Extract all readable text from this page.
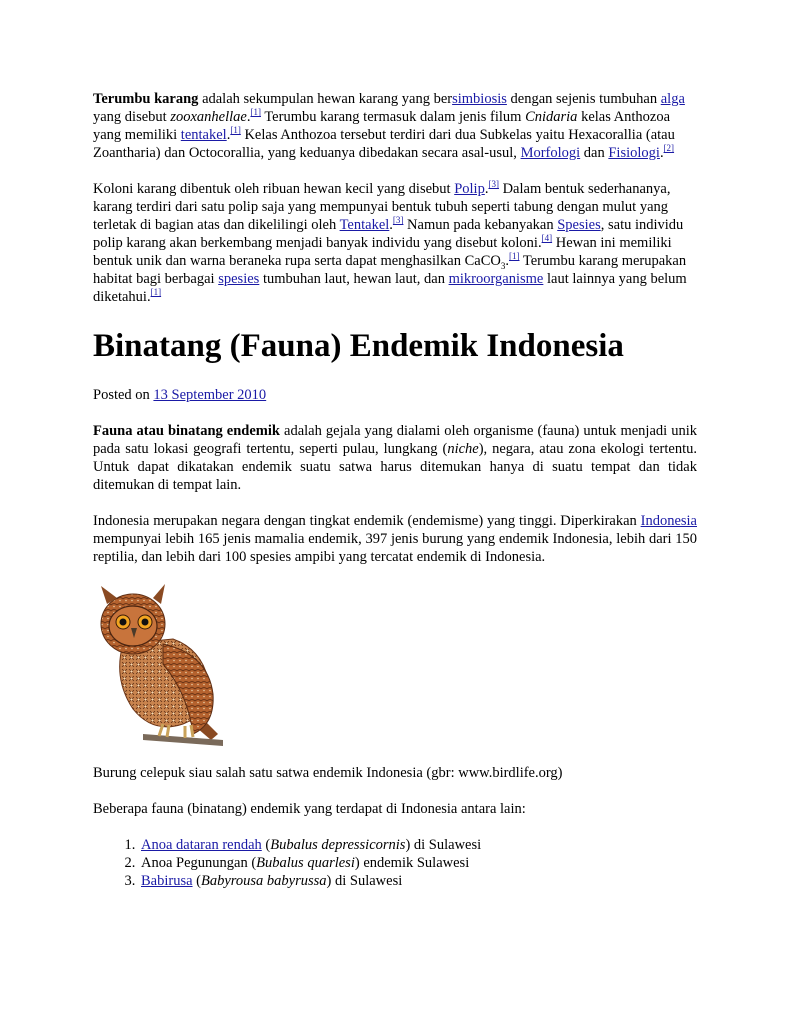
Terumbu karang adalah sekumpulan hewan karang yang bersimbiosis dengan sejenis tumbuhan alga yang disebut zooxanhellae.[1] Terumbu karang termasuk dalam jenis filum Cnidaria kelas Anthozoa yang memiliki tentakel.[1] Kelas Anthozoa tersebut terdiri dari dua Subkelas yaitu Hexacorallia (atau Zoantharia) dan Octocorallia, yang keduanya dibedakan secara asal-usul, Morfologi dan Fisiologi.[2]

Koloni karang dibentuk oleh ribuan hewan kecil yang disebut Polip.[3] Dalam bentuk sederhananya, karang terdiri dari satu polip saja yang mempunyai bentuk tubuh seperti tabung dengan mulut yang terletak di bagian atas dan dikelilingi oleh Tentakel.[3] Namun pada kebanyakan Spesies, satu individu polip karang akan berkembang menjadi banyak individu yang disebut koloni.[4] Hewan ini memiliki bentuk unik dan warna beraneka rupa serta dapat menghasilkan CaCO$_3$.[1] Terumbu karang merupakan habitat bagi berbagai spesies tumbuhan laut, hewan laut, dan mikroorganisme laut lainnya yang belum diketahui.[1]

Binatang (Fauna) Endemik Indonesia

Posted on 13 September 2010

Fauna atau binatang endemik adalah gejala yang dialami oleh organisme (fauna) untuk menjadi unik pada satu lokasi geografi tertentu, seperti pulau, lungkang (niche), negara, atau zona ekologi tertentu. Untuk dapat dikatakan endemik suatu satwa harus ditemukan hanya di suatu tempat dan tidak ditemukan di tempat lain.

Indonesia merupakan negara dengan tingkat endemik (endemisme) yang tinggi. Diperkirakan Indonesia mempunyai lebih 165 jenis mamalia endemik, 397 jenis burung yang endemik Indonesia, lebih dari 150 reptilia, dan lebih dari 100 spesies ampibi yang tercatat endemik di Indonesia.

Burung celepuk siau salah satu satwa endemik Indonesia (gbr: www.birdlife.org)

Beberapa fauna (binatang) endemik yang terdapat di Indonesia antara lain:

1. Anoa dataran rendah (Bubalus depressicornis) di Sulawesi
2. Anoa Pegunungan (Bubalus quarlesi) endemik Sulawesi
3. Babirusa (Babyrousa babyrussa) di Sulawesi
